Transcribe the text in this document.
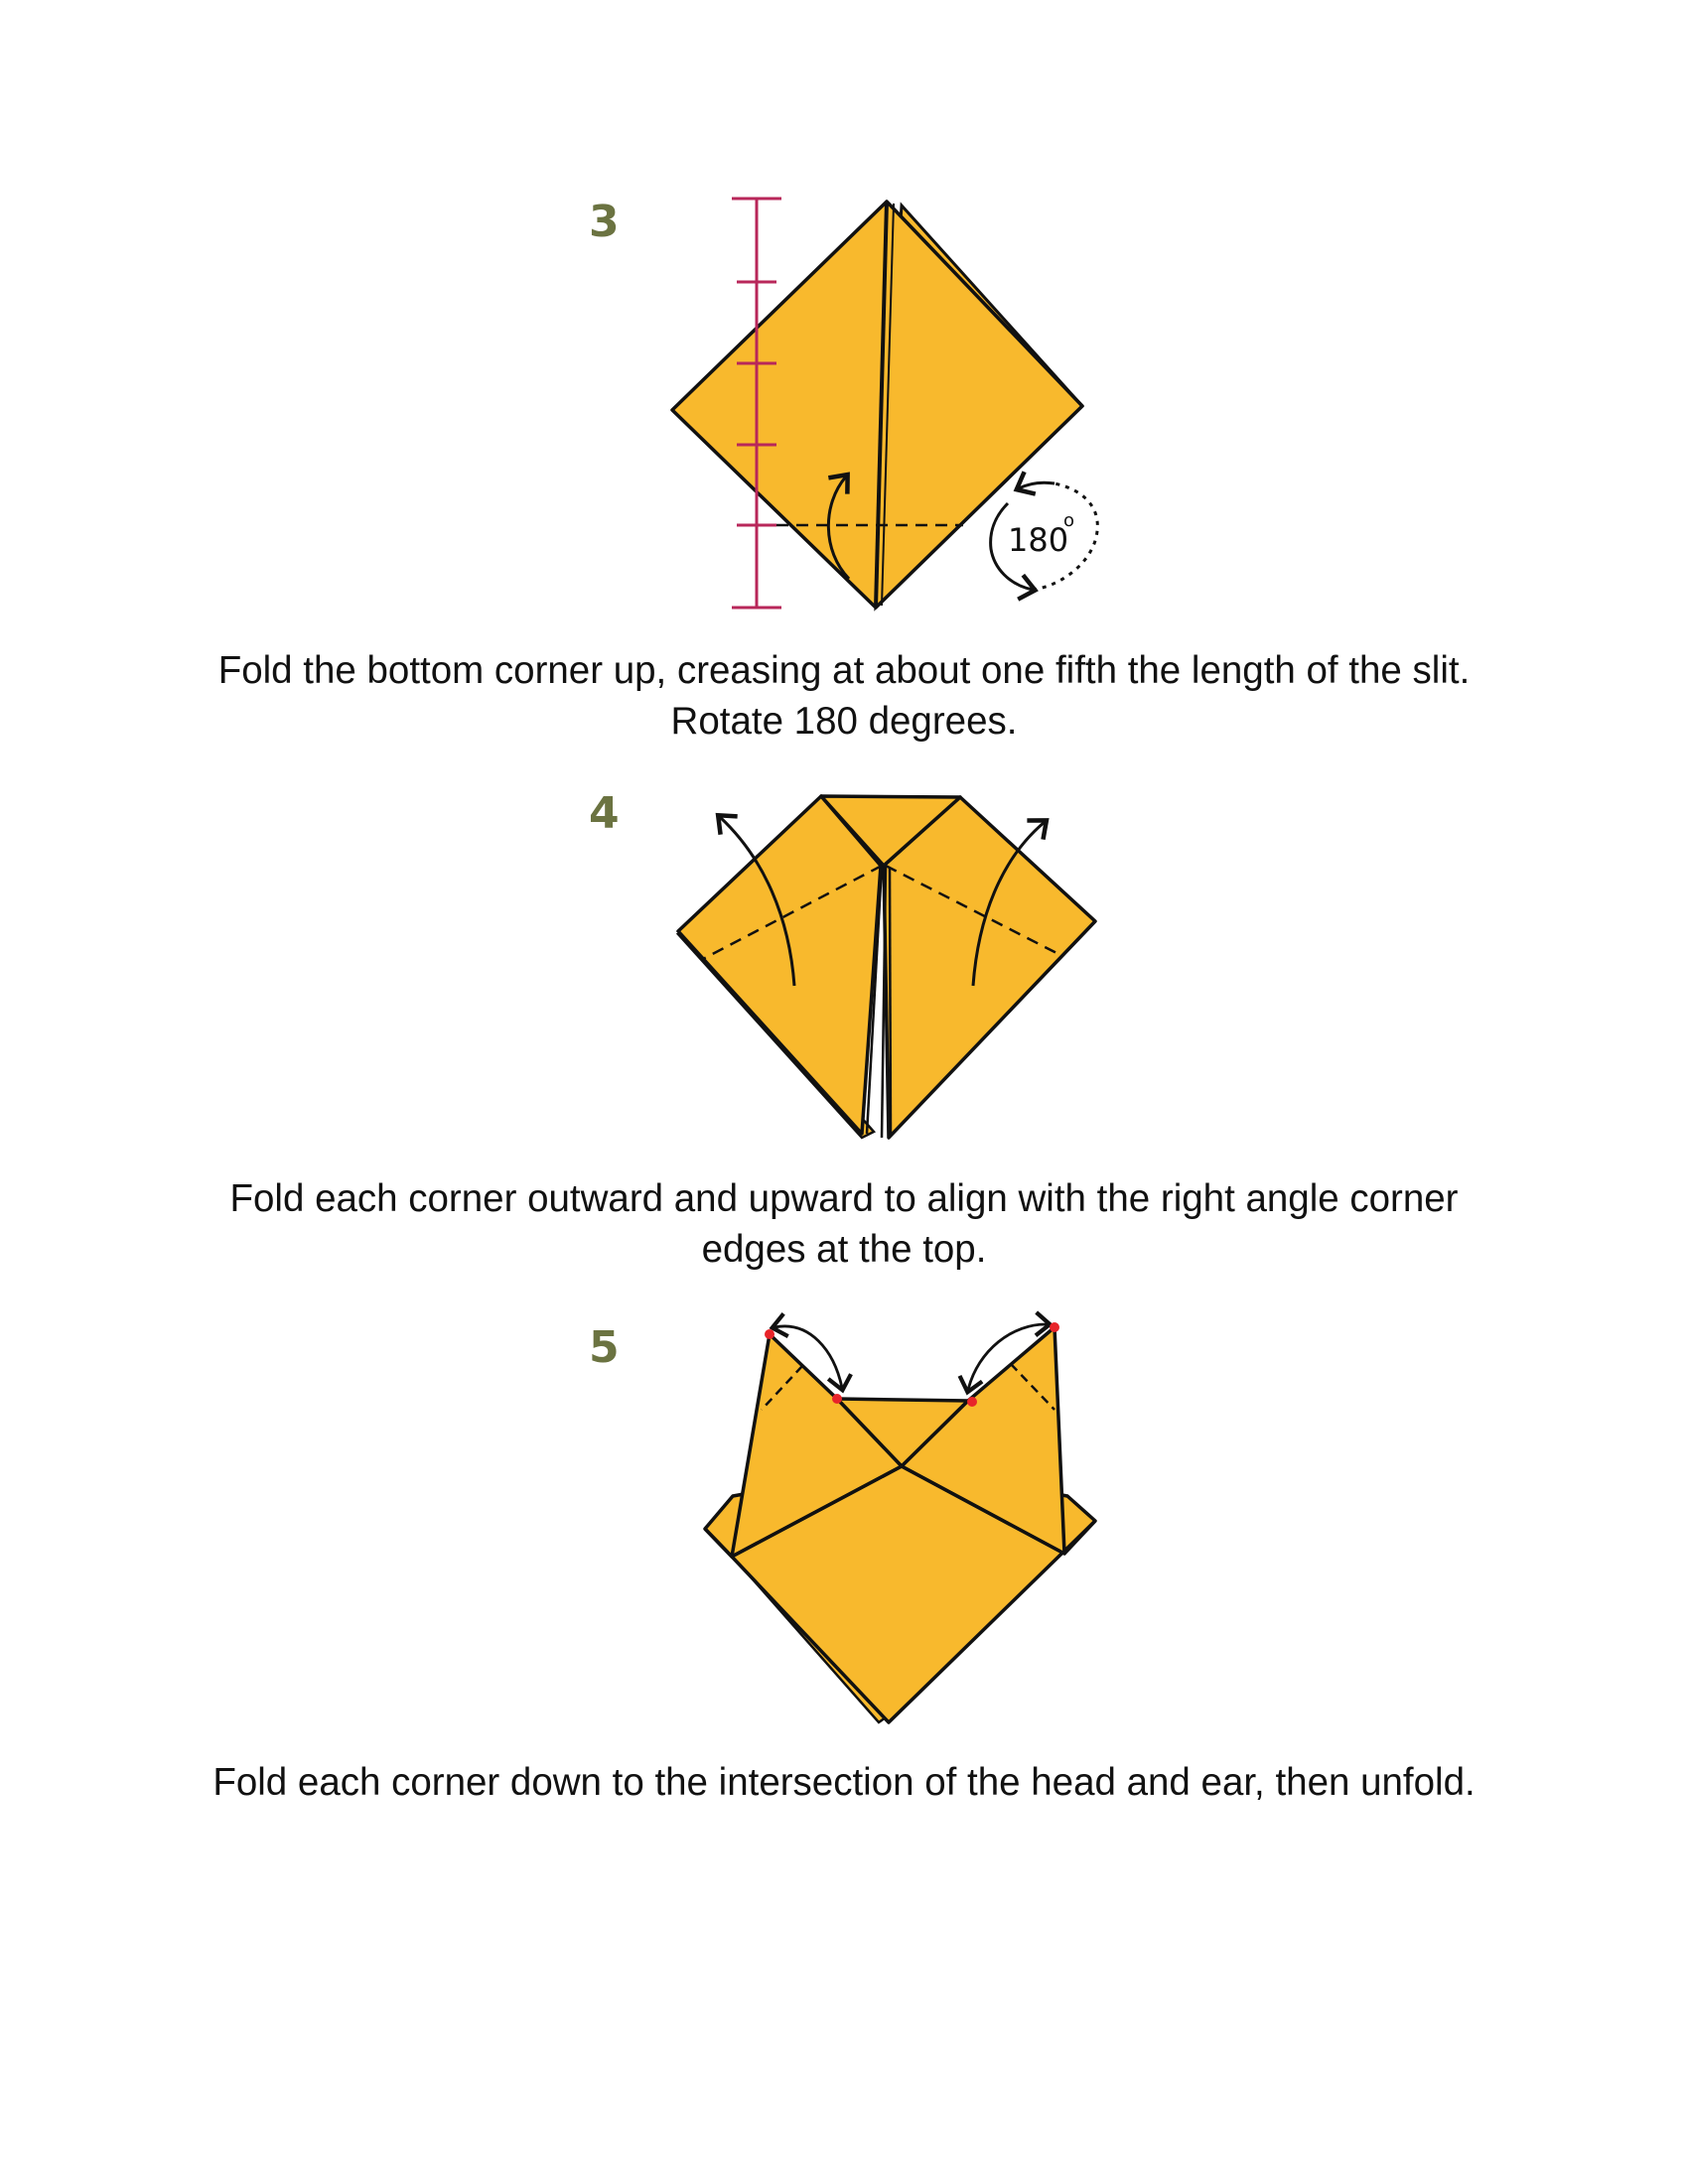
3
180
o
Fold the bottom corner up, creasing at about one fifth the length of the slit. Rotate 180 degrees.
4
Fold each corner outward and upward to align with the right angle corner edges at the top.
5
Fold each corner down to the intersection of the head and ear, then unfold.
